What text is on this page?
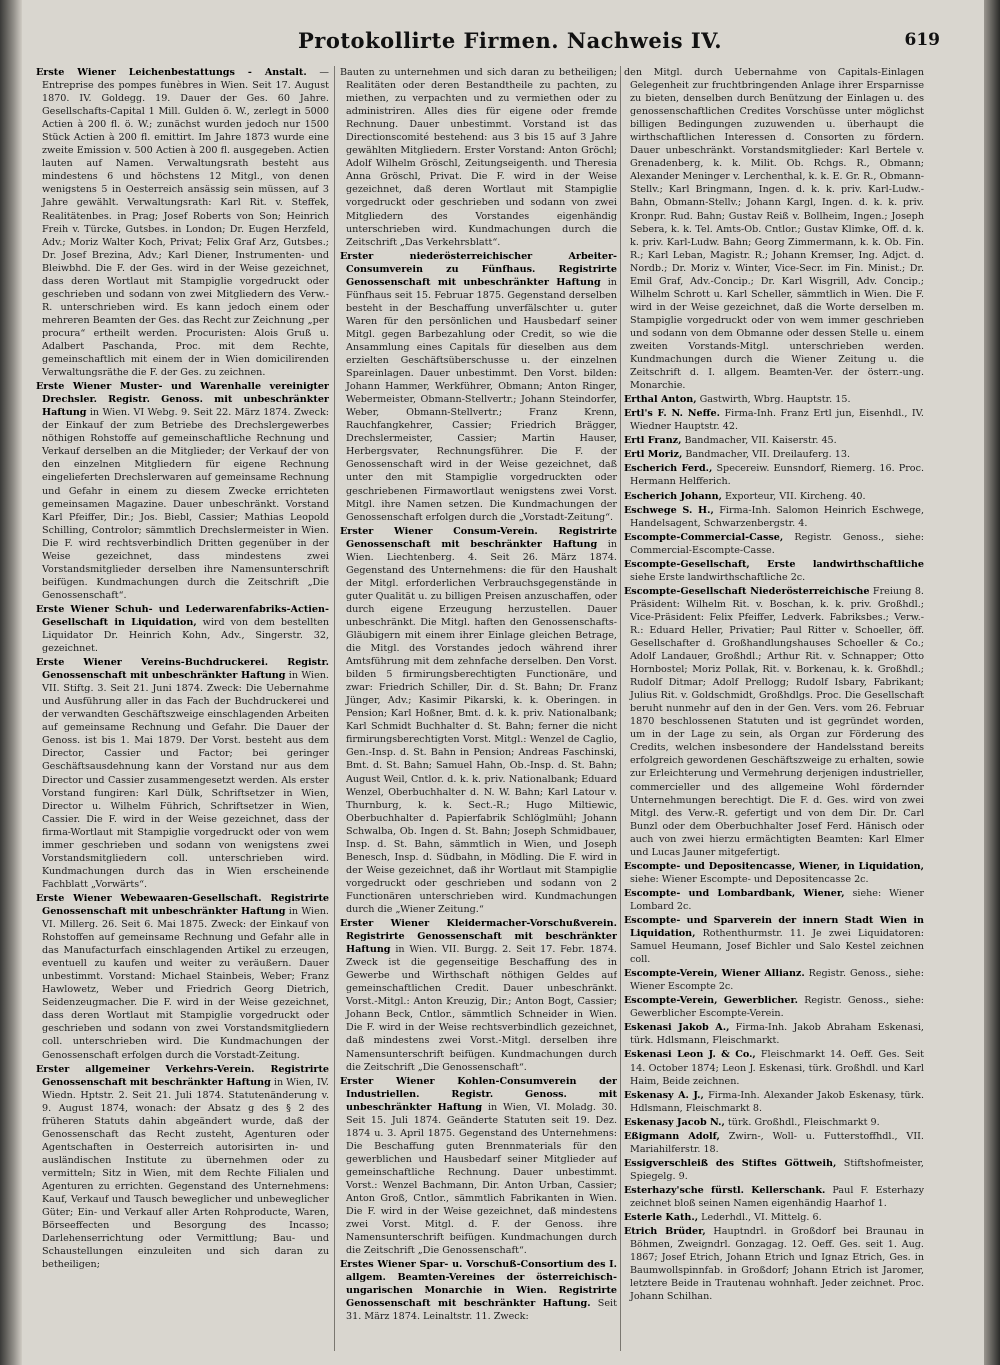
Protokollirte Firmen. Nachweis IV.	619

Erste Wiener Leichenbestattungs - Anstalt. — Entreprise des pompes funèbres in Wien. Seit 17. August 1870. IV. Goldegg. 19. Dauer der Ges. 60 Jahre. Gesellschafts-Capital 1 Mill. Gulden ö. W., zerlegt in 5000 Actien à 200 fl. ö. W.; zunächst wurden jedoch nur 1500 Stück Actien à 200 fl. emittirt. Im Jahre 1873 wurde eine zweite Emission v. 500 Actien à 200 fl. ausgegeben. Actien lauten auf Namen. Verwaltungsrath besteht aus mindestens 6 und höchstens 12 Mitgl., von denen wenigstens 5 in Oesterreich ansässig sein müssen, auf 3 Jahre gewählt. Verwaltungsrath: Karl Rit. v. Steffek, Realitätenbes. in Prag; Josef Roberts von Son; Heinrich Freih v. Türcke, Gutsbes. in London; Dr. Eugen Herzfeld, Adv.; Moriz Walter Koch, Privat; Felix Graf Arz, Gutsbes.; Dr. Josef Brezina, Adv.; Karl Diener, Instrumenten- und Bleiwbhd. Die F. der Ges. wird in der Weise gezeichnet, dass deren Wortlaut mit Stampiglie vorgedruckt oder geschrieben und sodann von zwei Mitgliedern des Verw.-R. unterschrieben wird. Es kann jedoch einem oder mehreren Beamten der Ges. das Recht zur Zeichnung „per procura“ ertheilt werden. Procuristen: Alois Gruß u. Adalbert Paschanda, Proc. mit dem Rechte, gemeinschaftlich mit einem der in Wien domicilirenden Verwaltungsräthe die F. der Ges. zu zeichnen.

Erste Wiener Muster- und Warenhalle vereinigter Drechsler. Registr. Genoss. mit unbeschränkter Haftung in Wien. VI Webg. 9. Seit 22. März 1874. Zweck: der Einkauf der zum Betriebe des Drechslergewerbes nöthigen Rohstoffe auf gemeinschaftliche Rechnung und Verkauf derselben an die Mitglieder; der Verkauf der von den einzelnen Mitgliedern für eigene Rechnung eingelieferten Drechslerwaren auf gemeinsame Rechnung und Gefahr in einem zu diesem Zwecke errichteten gemeinsamen Magazine. Dauer unbeschränkt. Vorstand Karl Pfeiffer, Dir.; Jos. Biebl, Cassier; Mathias Leopold Schilling, Controlor; sämmtlich Drechslermeister in Wien. Die F. wird rechtsverbindlich Dritten gegenüber in der Weise gezeichnet, dass mindestens zwei Vorstandsmitglieder derselben ihre Namensunterschrift beifügen. Kundmachungen durch die Zeitschrift „Die Genossenschaft“.

Erste Wiener Schuh- und Lederwarenfabriks-Actien-Gesellschaft in Liquidation, wird von dem bestellten Liquidator Dr. Heinrich Kohn, Adv., Singerstr. 32, gezeichnet.

Erste Wiener Vereins-Buchdruckerei. Registr. Genossenschaft mit unbeschränkter Haftung in Wien. VII. Stiftg. 3. Seit 21. Juni 1874. Zweck: Die Uebernahme und Ausführung aller in das Fach der Buchdruckerei und der verwandten Geschäftszweige einschlagenden Arbeiten auf gemeinsame Rechnung und Gefahr. Die Dauer der Genoss. ist bis 1. Mai 1879. Der Vorst. besteht aus dem Director, Cassier und Factor; bei geringer Geschäftsausdehnung kann der Vorstand nur aus dem Director und Cassier zusammengesetzt werden. Als erster Vorstand fungiren: Karl Dülk, Schriftsetzer in Wien, Director u. Wilhelm Führich, Schriftsetzer in Wien, Cassier. Die F. wird in der Weise gezeichnet, dass der firma-Wortlaut mit Stampiglie vorgedruckt oder von wem immer geschrieben und sodann von wenigstens zwei Vorstandsmitgliedern coll. unterschrieben wird. Kundmachungen durch das in Wien erscheinende Fachblatt „Vorwärts“.

Erste Wiener Webewaaren-Gesellschaft. Registrirte Genossenschaft mit unbeschränkter Haftung in Wien. VI. Millerg. 26. Seit 6. Mai 1875. Zweck: der Einkauf von Rohstoffen auf gemeinsame Rechnung und Gefahr alle in das Manufacturfach einschlagenden Artikel zu erzeugen, eventuell zu kaufen und weiter zu veräußern. Dauer unbestimmt. Vorstand: Michael Stainbeis, Weber; Franz Hawlowetz, Weber und Friedrich Georg Dietrich, Seidenzeugmacher. Die F. wird in der Weise gezeichnet, dass deren Wortlaut mit Stampiglie vorgedruckt oder geschrieben und sodann von zwei Vorstandsmitgliedern coll. unterschrieben wird. Die Kundmachungen der Genossenschaft erfolgen durch die Vorstadt-Zeitung.

Erster allgemeiner Verkehrs-Verein. Registrirte Genossenschaft mit beschränkter Haftung in Wien, IV. Wiedn. Hptstr. 2. Seit 21. Juli 1874. Statutenänderung v. 9. August 1874, wonach: der Absatz g des § 2 des früheren Statuts dahin abgeändert wurde, daß der Genossenschaft das Recht zusteht, Agenturen oder Agentschaften in Oesterreich autorisirten in- und ausländischen Institute zu übernehmen oder zu vermitteln; Sitz in Wien, mit dem Rechte Filialen und Agenturen zu errichten. Gegenstand des Unternehmens: Kauf, Verkauf und Tausch beweglicher und unbeweglicher Güter; Ein- und Verkauf aller Arten Rohproducte, Waren, Börseeffecten und Besorgung des Incasso; Darlehenserrichtung oder Vermittlung; Bau- und Schaustellungen einzuleiten und sich daran zu betheiligen;

Bauten zu unternehmen und sich daran zu betheiligen; Realitäten oder deren Bestandtheile zu pachten, zu miethen, zu verpachten und zu vermiethen oder zu administriren. Alles dies für eigene oder fremde Rechnung. Dauer unbestimmt. Vorstand ist das Directionscomité bestehend: aus 3 bis 15 auf 3 Jahre gewählten Mitgliedern. Erster Vorstand: Anton Gröchl; Adolf Wilhelm Gröschl, Zeitungseigenth. und Theresia Anna Gröschl, Privat. Die F. wird in der Weise gezeichnet, daß deren Wortlaut mit Stampiglie vorgedruckt oder geschrieben und sodann von zwei Mitgliedern des Vorstandes eigenhändig unterschrieben wird. Kundmachungen durch die Zeitschrift „Das Verkehrsblatt“.

Erster niederösterreichischer Arbeiter-Consumverein zu Fünfhaus. Registrirte Genossenschaft mit unbeschränkter Haftung in Fünfhaus seit 15. Februar 1875. Gegenstand derselben besteht in der Beschaffung unverfälschter u. guter Waren für den persönlichen und Hausbedarf seiner Mitgl. gegen Barbezahlung oder Credit, so wie die Ansammlung eines Capitals für dieselben aus dem erzielten Geschäftsüberschusse u. der einzelnen Spareinlagen. Dauer unbestimmt. Den Vorst. bilden: Johann Hammer, Werkführer, Obmann; Anton Ringer, Webermeister, Obmann-Stellvertr.; Johann Steindorfer, Weber, Obmann-Stellvertr.; Franz Krenn, Rauchfangkehrer, Cassier; Friedrich Brägger, Drechslermeister, Cassier; Martin Hauser, Herbergsvater, Rechnungsführer. Die F. der Genossenschaft wird in der Weise gezeichnet, daß unter den mit Stampiglie vorgedruckten oder geschriebenen Firmawortlaut wenigstens zwei Vorst. Mitgl. ihre Namen setzen. Die Kundmachungen der Genossenschaft erfolgen durch die „Vorstadt-Zeitung“.

Erster Wiener Consum-Verein. Registrirte Genossenschaft mit beschränkter Haftung in Wien. Liechtenberg. 4. Seit 26. März 1874. Gegenstand des Unternehmens: die für den Haushalt der Mitgl. erforderlichen Verbrauchsgegenstände in guter Qualität u. zu billigen Preisen anzuschaffen, oder durch eigene Erzeugung herzustellen. Dauer unbeschränkt. Die Mitgl. haften den Genossenschafts-Gläubigern mit einem ihrer Einlage gleichen Betrage, die Mitgl. des Vorstandes jedoch während ihrer Amtsführung mit dem zehnfache derselben. Den Vorst. bilden 5 firmirungsberechtigten Functionäre, und zwar: Friedrich Schiller, Dir. d. St. Bahn; Dr. Franz Jünger, Adv.; Kasimir Pikarski, k. k. Oberingen. in Pension; Karl Hoßner, Bmt. d. k. k. priv. Nationalbank; Karl Schmidt Buchhalter d. St. Bahn; ferner die nicht firmirungsberechtigten Vorst. Mitgl.: Wenzel de Caglio, Gen.-Insp. d. St. Bahn in Pension; Andreas Faschinski, Bmt. d. St. Bahn; Samuel Hahn, Ob.-Insp. d. St. Bahn; August Weil, Cntlor. d. k. k. priv. Nationalbank; Eduard Wenzel, Oberbuchhalter d. N. W. Bahn; Karl Latour v. Thurnburg, k. k. Sect.-R.; Hugo Miltiewic, Oberbuchhalter d. Papierfabrik Schlöglmühl; Johann Schwalba, Ob. Ingen d. St. Bahn; Joseph Schmidbauer, Insp. d. St. Bahn, sämmtlich in Wien, und Joseph Benesch, Insp. d. Südbahn, in Mödling. Die F. wird in der Weise gezeichnet, daß ihr Wortlaut mit Stampiglie vorgedruckt oder geschrieben und sodann von 2 Functionären unterschrieben wird. Kundmachungen durch die „Wiener Zeitung.“

Erster Wiener Kleidermacher-Vorschußverein. Registrirte Genossenschaft mit beschränkter Haftung in Wien. VII. Burgg. 2. Seit 17. Febr. 1874. Zweck ist die gegenseitige Beschaffung des in Gewerbe und Wirthschaft nöthigen Geldes auf gemeinschaftlichen Credit. Dauer unbeschränkt. Vorst.-Mitgl.: Anton Kreuzig, Dir.; Anton Bogt, Cassier; Johann Beck, Cntlor., sämmtlich Schneider in Wien. Die F. wird in der Weise rechtsverbindlich gezeichnet, daß mindestens zwei Vorst.-Mitgl. derselben ihre Namensunterschrift beifügen. Kundmachungen durch die Zeitschrift „Die Genossenschaft“.

Erster Wiener Kohlen-Consumverein der Industriellen. Registr. Genoss. mit unbeschränkter Haftung in Wien, VI. Moladg. 30. Seit 15. Juli 1874. Geänderte Statuten seit 19. Dez. 1874 u. 3. April 1875. Gegenstand des Unternehmens: Die Beschaffung guten Brennmaterials für den gewerblichen und Hausbedarf seiner Mitglieder auf gemeinschaftliche Rechnung. Dauer unbestimmt. Vorst.: Wenzel Bachmann, Dir. Anton Urban, Cassier; Anton Groß, Cntlor., sämmtlich Fabrikanten in Wien. Die F. wird in der Weise gezeichnet, daß mindestens zwei Vorst. Mitgl. d. F. der Genoss. ihre Namensunterschrift beifügen. Kundmachungen durch die Zeitschrift „Die Genossenschaft“.

Erstes Wiener Spar- u. Vorschuß-Consortium des I. allgem. Beamten-Vereines der österreichisch-ungarischen Monarchie in Wien. Registrirte Genossenschaft mit beschränkter Haftung. Seit 31. März 1874. Leinaltstr. 11. Zweck:

den Mitgl. durch Uebernahme von Capitals-Einlagen Gelegenheit zur fruchtbringenden Anlage ihrer Ersparnisse zu bieten, denselben durch Benützung der Einlagen u. des genossenschaftlichen Credites Vorschüsse unter möglichst billigen Bedingungen zuzuwenden u. überhaupt die wirthschaftlichen Interessen d. Consorten zu fördern. Dauer unbeschränkt. Vorstandsmitglieder: Karl Bertele v. Grenadenberg, k. k. Milit. Ob. Rchgs. R., Obmann; Alexander Meninger v. Lerchenthal, k. k. E. Gr. R., Obmann-Stellv.; Karl Bringmann, Ingen. d. k. k. priv. Karl-Ludw.-Bahn, Obmann-Stellv.; Johann Kargl, Ingen. d. k. k. priv. Kronpr. Rud. Bahn; Gustav Reiß v. Bollheim, Ingen.; Joseph Sebera, k. k. Tel. Amts-Ob. Cntlor.; Gustav Klimke, Off. d. k. k. priv. Karl-Ludw. Bahn; Georg Zimmermann, k. k. Ob. Fin. R.; Karl Leban, Magistr. R.; Johann Kremser, Ing. Adjct. d. Nordb.; Dr. Moriz v. Winter, Vice-Secr. im Fin. Minist.; Dr. Emil Graf, Adv.-Concip.; Dr. Karl Wisgrill, Adv. Concip.; Wilhelm Schrott u. Karl Scheller, sämmtlich in Wien. Die F. wird in der Weise gezeichnet, daß die Worte derselben m. Stampiglie vorgedruckt oder von wem immer geschrieben und sodann von dem Obmanne oder dessen Stelle u. einem zweiten Vorstands-Mitgl. unterschrieben werden. Kundmachungen durch die Wiener Zeitung u. die Zeitschrift d. I. allgem. Beamten-Ver. der österr.-ung. Monarchie.

Erthal Anton, Gastwirth, Wbrg. Hauptstr. 15.

Ertl's F. N. Neffe. Firma-Inh. Franz Ertl jun, Eisenhdl., IV. Wiedner Hauptstr. 42.

Ertl Franz, Bandmacher, VII. Kaiserstr. 45.

Ertl Moriz, Bandmacher, VII. Dreilauferg. 13.

Escherich Ferd., Specereiw. Eunsndorf, Riemerg. 16. Proc. Hermann Helfferich.

Escherich Johann, Exporteur, VII. Kircheng. 40.

Eschwege S. H., Firma-Inh. Salomon Heinrich Eschwege, Handelsagent, Schwarzenbergstr. 4.

Escompte-Commercial-Casse, Registr. Genoss., siehe: Commercial-Escompte-Casse.

Escompte-Gesellschaft, Erste landwirthschaftliche siehe Erste landwirthschaftliche 2c.

Escompte-Gesellschaft Niederösterreichische Freiung 8. Präsident: Wilhelm Rit. v. Boschan, k. k. priv. Großhdl.; Vice-Präsident: Felix Pfeiffer, Ledverk. Fabriksbes.; Verw.-R.: Eduard Heller, Privatier; Paul Ritter v. Schoeller, öff. Gesellschafter d. Großhandlungshauses Schoeller & Co.; Adolf Landauer, Großhdl.; Arthur Rit. v. Schnapper; Otto Hornbostel; Moriz Pollak, Rit. v. Borkenau, k. k. Großhdl.; Rudolf Ditmar; Adolf Prellogg; Rudolf Isbary, Fabrikant; Julius Rit. v. Goldschmidt, Großhdlgs. Proc. Die Gesellschaft beruht nunmehr auf den in der Gen. Vers. vom 26. Februar 1870 beschlossenen Statuten und ist gegründet worden, um in der Lage zu sein, als Organ zur Förderung des Credits, welchen insbesondere der Handelsstand bereits erfolgreich gewordenen Geschäftszweige zu erhalten, sowie zur Erleichterung und Vermehrung derjenigen industrieller, commercieller und des allgemeine Wohl fördernder Unternehmungen berechtigt. Die F. d. Ges. wird von zwei Mitgl. des Verw.-R. gefertigt und von dem Dir. Dr. Carl Bunzl oder dem Oberbuchhalter Josef Ferd. Hänisch oder auch von zwei hierzu ermächtigten Beamten: Karl Elmer und Lucas Jauner mitgefertigt.

Escompte- und Depositencasse, Wiener, in Liquidation, siehe: Wiener Escompte- und Depositencasse 2c.

Escompte- und Lombardbank, Wiener, siehe: Wiener Lombard 2c.

Escompte- und Sparverein der innern Stadt Wien in Liquidation, Rothenthurmstr. 11. Je zwei Liquidatoren: Samuel Heumann, Josef Bichler und Salo Kestel zeichnen coll.

Escompte-Verein, Wiener Allianz. Registr. Genoss., siehe: Wiener Escompte 2c.

Escompte-Verein, Gewerblicher. Registr. Genoss., siehe: Gewerblicher Escompte-Verein.

Eskenasi Jakob A., Firma-Inh. Jakob Abraham Eskenasi, türk. Hdlsmann, Fleischmarkt.

Eskenasi Leon J. & Co., Fleischmarkt 14. Oeff. Ges. Seit 14. October 1874; Leon J. Eskenasi, türk. Großhdl. und Karl Haim, Beide zeichnen.

Eskenasy A. J., Firma-Inh. Alexander Jakob Eskenasy, türk. Hdlsmann, Fleischmarkt 8.

Eskenasy Jacob N., türk. Großhdl., Fleischmarkt 9.

Eßigmann Adolf, Zwirn-, Woll- u. Futterstoffhdl., VII. Mariahilferstr. 18.

Essigverschleiß des Stiftes Göttweih, Stiftshofmeister, Spiegelg. 9.

Esterhazy'sche fürstl. Kellerschank. Paul F. Esterhazy zeichnet bloß seinen Namen eigenhändig Haarhof 1.

Esterle Kath., Lederhdl., VI. Mittelg. 6.

Etrich Brüder, Hauptndrl. in Großdorf bei Braunau in Böhmen, Zweigndrl. Gonzagag. 12. Oeff. Ges. seit 1. Aug. 1867; Josef Etrich, Johann Etrich und Ignaz Etrich, Ges. in Baumwollspinnfab. in Großdorf; Johann Etrich ist Jaromer, letztere Beide in Trautenau wohnhaft. Jeder zeichnet. Proc. Johann Schilhan.
